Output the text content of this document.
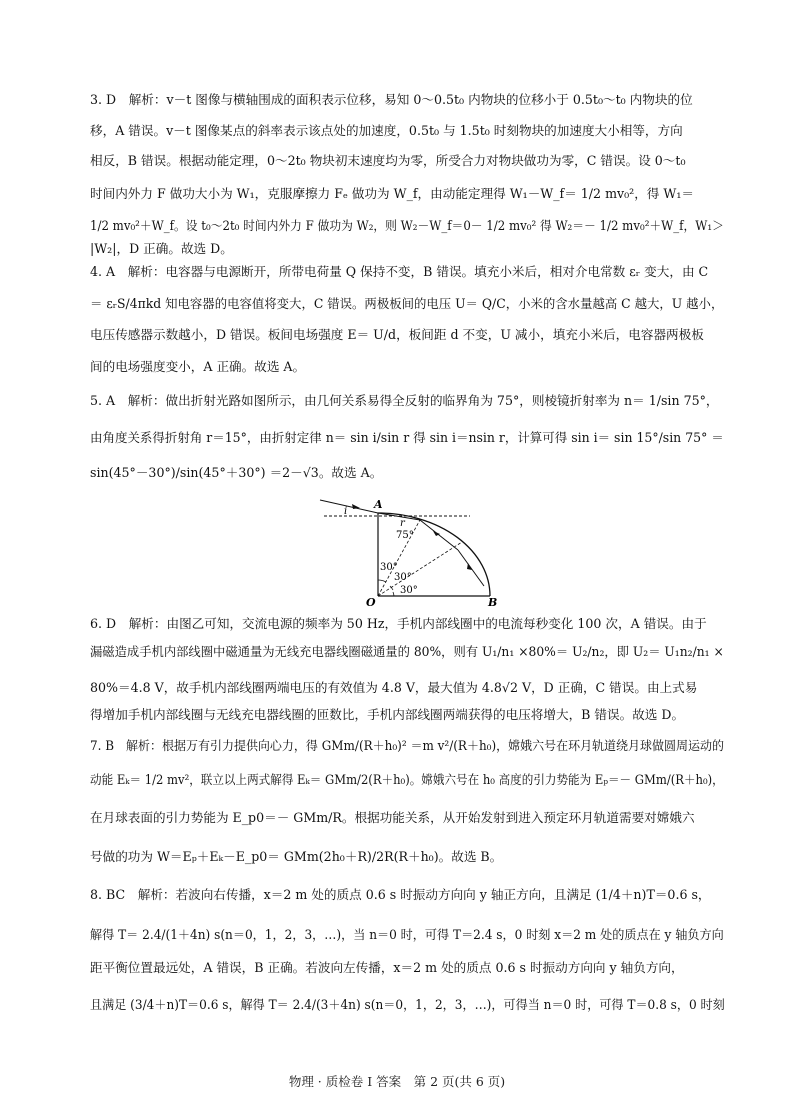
3. D　解析：v－t 图像与横轴围成的面积表示位移，易知 0～0.5t₀ 内物块的位移小于 0.5t₀～t₀ 内物块的位
移，A 错误。v－t 图像某点的斜率表示该点处的加速度，0.5t₀ 与 1.5t₀ 时刻物块的加速度大小相等，方向
相反，B 错误。根据动能定理，0～2t₀ 物块初末速度均为零，所受合力对物块做功为零，C 错误。设 0～t₀
时间内外力 F 做功大小为 W₁，克服摩擦力 Fₑ 做功为 W_f，由动能定理得 W₁－W_f＝ 1/2 mv₀²，得 W₁＝
1/2 mv₀²＋W_f。设 t₀～2t₀ 时间内外力 F 做功为 W₂，则 W₂－W_f＝0－ 1/2 mv₀² 得 W₂＝－ 1/2 mv₀²＋W_f，W₁＞
|W₂|，D 正确。故选 D。
4. A　解析：电容器与电源断开，所带电荷量 Q 保持不变，B 错误。填充小米后，相对介电常数 εᵣ 变大，由 C
＝ εᵣS/4πkd 知电容器的电容值将变大，C 错误。两极板间的电压 U＝ Q/C，小米的含水量越高 C 越大，U 越小，
电压传感器示数越小，D 错误。板间电场强度 E＝ U/d，板间距 d 不变，U 减小，填充小米后，电容器两极板
间的电场强度变小，A 正确。故选 A。
5. A　解析：做出折射光路如图所示，由几何关系易得全反射的临界角为 75°，则棱镜折射率为 n＝ 1/sin 75°，
由角度关系得折射角 r＝15°，由折射定律 n＝ sin i/sin r 得 sin i＝nsin r，计算可得 sin i＝ sin 15°/sin 75° ＝
sin(45°－30°)/sin(45°＋30°) ＝2－√3。故选 A。
i
A
r
75°
30°
30°
30°
O	B
6. D　解析：由图乙可知，交流电源的频率为 50 Hz，手机内部线圈中的电流每秒变化 100 次，A 错误。由于
漏磁造成手机内部线圈中磁通量为无线充电器线圈磁通量的 80%，则有 U₁/n₁ ×80%＝ U₂/n₂，即 U₂＝ U₁n₂/n₁ ×
80%＝4.8 V，故手机内部线圈两端电压的有效值为 4.8 V，最大值为 4.8√2 V，D 正确，C 错误。由上式易
得增加手机内部线圈与无线充电器线圈的匝数比，手机内部线圈两端获得的电压将增大，B 错误。故选 D。
7. B　解析：根据万有引力提供向心力，得 GMm/(R＋h₀)² ＝m v²/(R＋h₀)，嫦娥六号在环月轨道绕月球做圆周运动的
动能 Eₖ＝ 1/2 mv²，联立以上两式解得 Eₖ＝ GMm/2(R＋h₀)。嫦娥六号在 h₀ 高度的引力势能为 Eₚ＝－ GMm/(R＋h₀)，
在月球表面的引力势能为 E_p0＝－ GMm/R。根据功能关系，从开始发射到进入预定环月轨道需要对嫦娥六
号做的功为 W＝Eₚ＋Eₖ－E_p0＝ GMm(2h₀＋R)/2R(R＋h₀)。故选 B。
8. BC　解析：若波向右传播，x＝2 m 处的质点 0.6 s 时振动方向向 y 轴正方向，且满足 (1/4＋n)T＝0.6 s，
解得 T＝ 2.4/(1＋4n) s(n＝0，1，2，3，…)，当 n＝0 时，可得 T＝2.4 s，0 时刻 x＝2 m 处的质点在 y 轴负方向
距平衡位置最远处，A 错误，B 正确。若波向左传播，x＝2 m 处的质点 0.6 s 时振动方向向 y 轴负方向，
且满足 (3/4＋n)T＝0.6 s，解得 T＝ 2.4/(3＋4n) s(n＝0，1，2，3，…)，可得当 n＝0 时，可得 T＝0.8 s，0 时刻
物理 · 质检卷 Ⅰ 答案　第 2 页(共 6 页)
